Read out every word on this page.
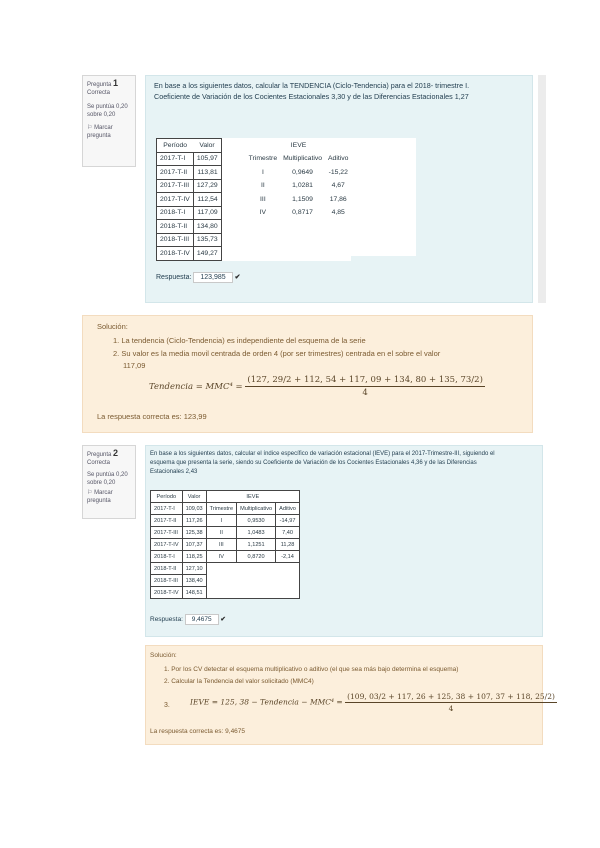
Pregunta 1
Correcta
Se puntúa 0,20
sobre 0,20
⚐ Marcar
pregunta
En base a los siguientes datos, calcular la TENDENCIA (Ciclo-Tendencia) para el 2018- trimestre I.
Coeficiente de Variación de los Cocientes Estacionales 3,30 y de las Diferencias Estacionales 1,27
Período	Valor		IEVE		
2017-T-I	105,97		Trimestre	Multiplicativo	Aditivo
2017-T-II	113,81		I	0,9649	-15,22
2017-T-III	127,29		II	1,0281	4,67
2017-T-IV	112,54		III	1,1509	17,86
2018-T-I	117,09		IV	0,8717	4,85
2018-T-II	134,80				
2018-T-III	135,73				
2018-T-IV	149,27				
Respuesta: 123,985 ✔
Solución:
1. La tendencia (Ciclo-Tendencia) es independiente del esquema de la serie
2. Su valor es la media movil centrada de orden 4 (por ser trimestres) centrada en el sobre el valor
117,09
Tendencia = $MMC^4 = \frac{(127, 29/2 + 112, 54 + 117, 09 + 134, 80 + 135, 73/2)}{4}$
La respuesta correcta es: 123,99
Pregunta 2
Correcta
Se puntúa 0,20
sobre 0,20
⚐ Marcar
pregunta
En base a los siguientes datos, calcular el índice específico de variación estacional (IEVE) para el 2017-Trimestre-III, siguiendo el
esquema que presenta la serie, siendo su Coeficiente de Variación de los Cocientes Estacionales 4,36 y de las Diferencias
Estacionales 2,43
Período	Valor	IEVE		
2017-T-I	109,03	Trimestre	Multiplicativo	Aditivo
2017-T-II	117,26	I	0,9530	-14,97
2017-T-III	125,38	II	1,0483	7,40
2017-T-IV	107,37	III	1,1251	11,28
2018-T-I	118,25	IV	0,8720	-2,14
2018-T-II	127,10			
2018-T-III	138,40			
2018-T-IV	148,51			
Respuesta: 9,4675 ✔
Solución:
1. Por los CV detectar el esquema multiplicativo o aditivo (el que sea más bajo determina el esquema)
2. Calcular la Tendencia del valor solicitado (MMC4)
3.	IEVE = 125, 38 − Tendencia − $MMC^4 = \frac{(109, 03/2 + 117, 26 + 125, 38 + 107, 37 + 118, 25/2)}{4}$
La respuesta correcta es: 9,4675
